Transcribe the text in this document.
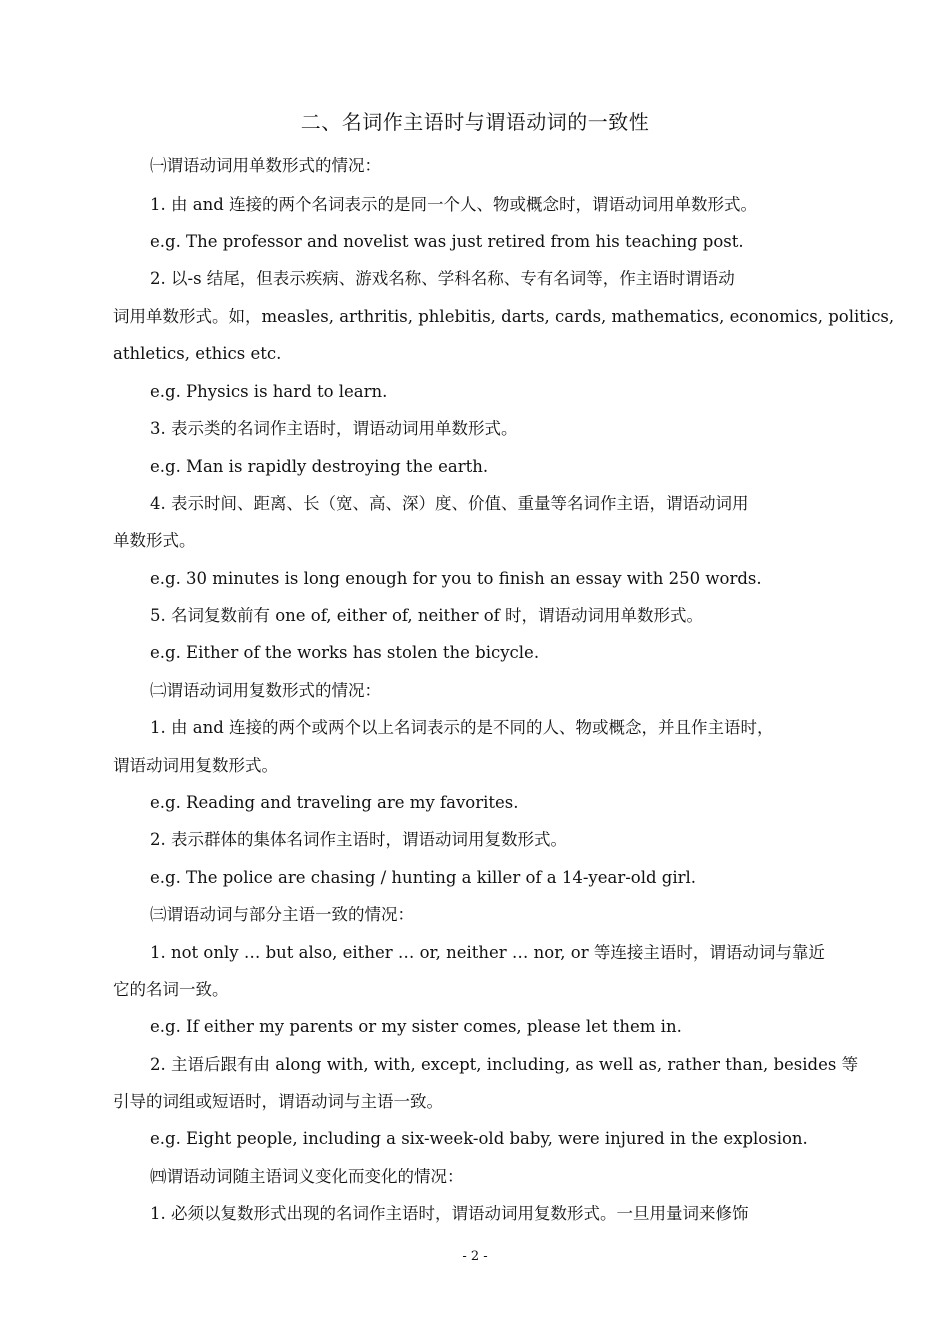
二、名词作主语时与谓语动词的一致性
㈠谓语动词用单数形式的情况：
1. 由 and 连接的两个名词表示的是同一个人、物或概念时，谓语动词用单数形式。
e.g. The professor and novelist was just retired from his teaching post.
2. 以-s 结尾，但表示疾病、游戏名称、学科名称、专有名词等，作主语时谓语动
词用单数形式。如，measles, arthritis, phlebitis, darts, cards, mathematics, economics, politics,
athletics, ethics etc.
e.g. Physics is hard to learn.
3. 表示类的名词作主语时，谓语动词用单数形式。
e.g. Man is rapidly destroying the earth.
4. 表示时间、距离、长（宽、高、深）度、价值、重量等名词作主语，谓语动词用
单数形式。
e.g. 30 minutes is long enough for you to finish an essay with 250 words.
5. 名词复数前有 one of, either of, neither of 时，谓语动词用单数形式。
e.g. Either of the works has stolen the bicycle.
㈡谓语动词用复数形式的情况：
1. 由 and 连接的两个或两个以上名词表示的是不同的人、物或概念，并且作主语时，
谓语动词用复数形式。
e.g. Reading and traveling are my favorites.
2. 表示群体的集体名词作主语时，谓语动词用复数形式。
e.g. The police are chasing / hunting a killer of a 14-year-old girl.
㈢谓语动词与部分主语一致的情况：
1. not only … but also, either … or, neither … nor, or 等连接主语时，谓语动词与靠近
它的名词一致。
e.g. If either my parents or my sister comes, please let them in.
2. 主语后跟有由 along with, with, except, including, as well as, rather than, besides 等
引导的词组或短语时，谓语动词与主语一致。
e.g. Eight people, including a six-week-old baby, were injured in the explosion.
㈣谓语动词随主语词义变化而变化的情况：
1. 必须以复数形式出现的名词作主语时，谓语动词用复数形式。一旦用量词来修饰
- 2 -
